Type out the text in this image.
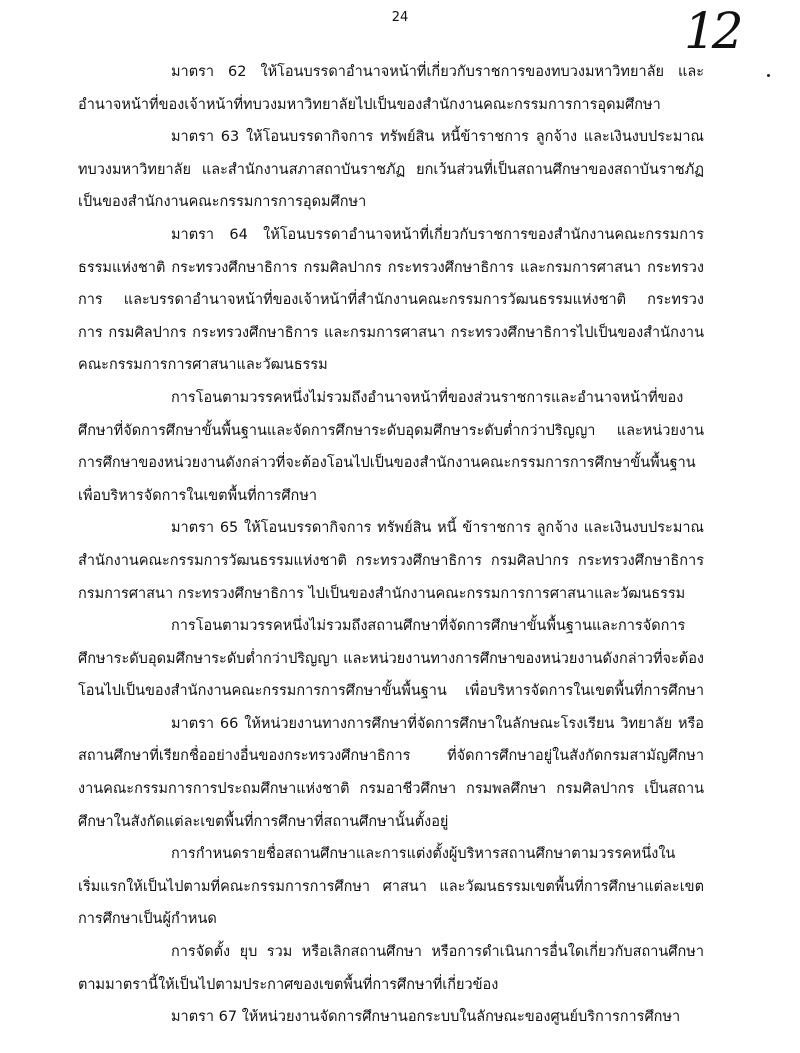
24	12
มาตรา 62 ให้โอนบรรดาอำนาจหน้าที่เกี่ยวกับราชการของทบวงมหาวิทยาลัย และ
อำนาจหน้าที่ของเจ้าหน้าที่ทบวงมหาวิทยาลัยไปเป็นของสำนักงานคณะกรรมการการอุดมศึกษา
มาตรา 63 ให้โอนบรรดากิจการ ทรัพย์สิน หนี้ข้าราชการ ลูกจ้าง และเงินงบประมาณ
ทบวงมหาวิทยาลัย และสำนักงานสภาสถาบันราชภัฏ ยกเว้นส่วนที่เป็นสถานศึกษาของสถาบันราชภัฏ
เป็นของสำนักงานคณะกรรมการการอุดมศึกษา
มาตรา 64 ให้โอนบรรดาอำนาจหน้าที่เกี่ยวกับราชการของสำนักงานคณะกรรมการ
ธรรมแห่งชาติ กระทรวงศึกษาธิการ กรมศิลปากร กระทรวงศึกษาธิการ และกรมการศาสนา กระทรวง
การ และบรรดาอำนาจหน้าที่ของเจ้าหน้าที่สำนักงานคณะกรรมการวัฒนธรรมแห่งชาติ กระทรวง
การ กรมศิลปากร กระทรวงศึกษาธิการ และกรมการศาสนา กระทรวงศึกษาธิการไปเป็นของสำนักงาน
คณะกรรมการการศาสนาและวัฒนธรรม
การโอนตามวรรคหนึ่งไม่รวมถึงอำนาจหน้าที่ของส่วนราชการและอำนาจหน้าที่ของ
ศึกษาที่จัดการศึกษาขั้นพื้นฐานและจัดการศึกษาระดับอุดมศึกษาระดับต่ำกว่าปริญญา และหน่วยงาน
การศึกษาของหน่วยงานดังกล่าวที่จะต้องโอนไปเป็นของสำนักงานคณะกรรมการการศึกษาขั้นพื้นฐาน
เพื่อบริหารจัดการในเขตพื้นที่การศึกษา
มาตรา 65 ให้โอนบรรดากิจการ ทรัพย์สิน หนี้ ข้าราชการ ลูกจ้าง และเงินงบประมาณ
สำนักงานคณะกรรมการวัฒนธรรมแห่งชาติ กระทรวงศึกษาธิการ กรมศิลปากร กระทรวงศึกษาธิการ
กรมการศาสนา กระทรวงศึกษาธิการ ไปเป็นของสำนักงานคณะกรรมการการศาสนาและวัฒนธรรม
การโอนตามวรรคหนึ่งไม่รวมถึงสถานศึกษาที่จัดการศึกษาขั้นพื้นฐานและการจัดการ
ศึกษาระดับอุดมศึกษาระดับต่ำกว่าปริญญา และหน่วยงานทางการศึกษาของหน่วยงานดังกล่าวที่จะต้อง
โอนไปเป็นของสำนักงานคณะกรรมการการศึกษาขั้นพื้นฐาน เพื่อบริหารจัดการในเขตพื้นที่การศึกษา
มาตรา 66 ให้หน่วยงานทางการศึกษาที่จัดการศึกษาในลักษณะโรงเรียน วิทยาลัย หรือ
สถานศึกษาที่เรียกชื่ออย่างอื่นของกระทรวงศึกษาธิการ ที่จัดการศึกษาอยู่ในสังกัดกรมสามัญศึกษา
งานคณะกรรมการการประถมศึกษาแห่งชาติ กรมอาชีวศึกษา กรมพลศึกษา กรมศิลปากร เป็นสถาน
ศึกษาในสังกัดแต่ละเขตพื้นที่การศึกษาที่สถานศึกษานั้นตั้งอยู่
การกำหนดรายชื่อสถานศึกษาและการแต่งตั้งผู้บริหารสถานศึกษาตามวรรคหนึ่งใน
เริ่มแรกให้เป็นไปตามที่คณะกรรมการการศึกษา ศาสนา และวัฒนธรรมเขตพื้นที่การศึกษาแต่ละเขต
การศึกษาเป็นผู้กำหนด
การจัดตั้ง ยุบ รวม หรือเลิกสถานศึกษา หรือการดำเนินการอื่นใดเกี่ยวกับสถานศึกษา
ตามมาตรานี้ให้เป็นไปตามประกาศของเขตพื้นที่การศึกษาที่เกี่ยวข้อง
มาตรา 67 ให้หน่วยงานจัดการศึกษานอกระบบในลักษณะของศูนย์บริการการศึกษา
